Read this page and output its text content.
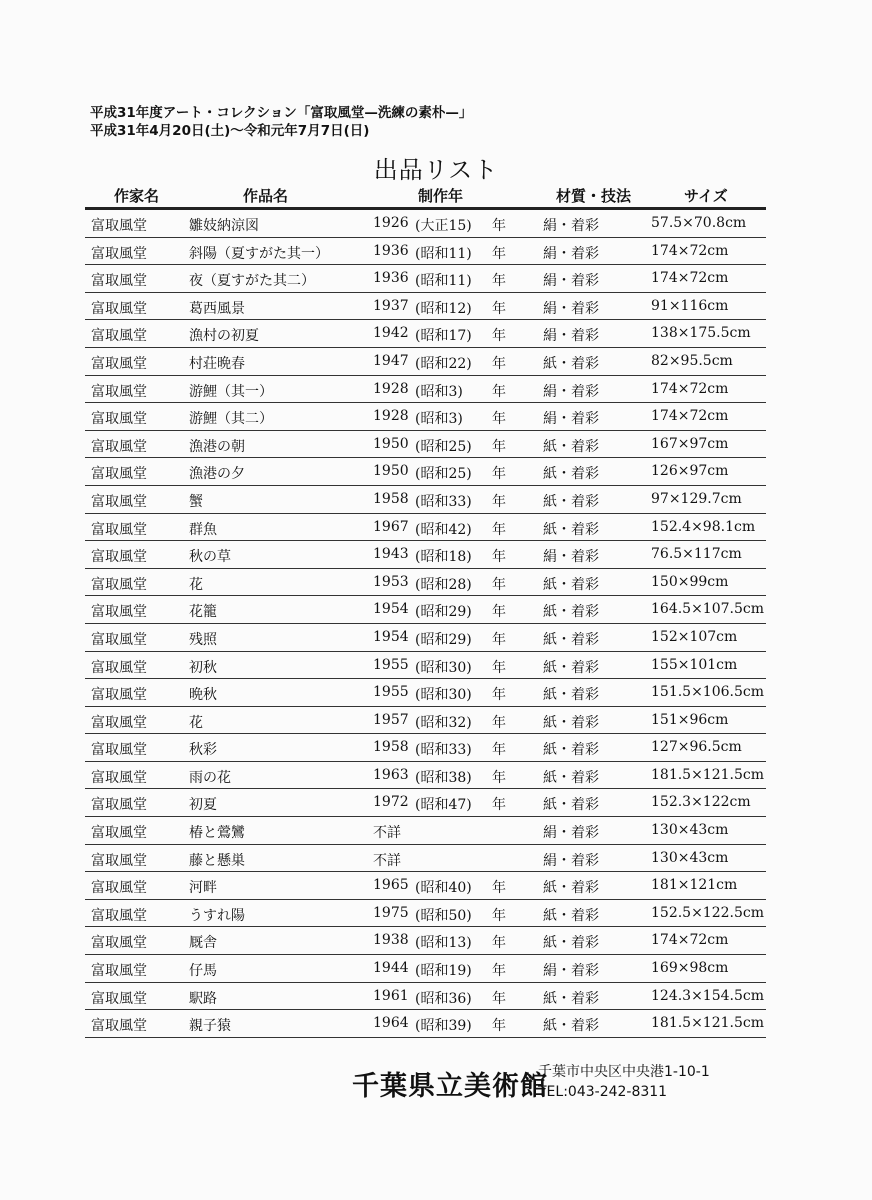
平成31年度アート・コレクション「富取風堂—洗練の素朴—」
平成31年4月20日(土)〜令和元年7月7日(日)
出品リスト
作家名	作品名	制作年	材質・技法	サイズ
富取風堂	雛妓納涼図	1926 (大正15) 年	絹・着彩	57.5×70.8cm
富取風堂	斜陽（夏すがた其一）	1936 (昭和11) 年	絹・着彩	174×72cm
富取風堂	夜（夏すがた其二）	1936 (昭和11) 年	絹・着彩	174×72cm
富取風堂	葛西風景	1937 (昭和12) 年	絹・着彩	91×116cm
富取風堂	漁村の初夏	1942 (昭和17) 年	絹・着彩	138×175.5cm
富取風堂	村荘晩春	1947 (昭和22) 年	紙・着彩	82×95.5cm
富取風堂	游鯉（其一）	1928 (昭和3) 年	絹・着彩	174×72cm
富取風堂	游鯉（其二）	1928 (昭和3) 年	絹・着彩	174×72cm
富取風堂	漁港の朝	1950 (昭和25) 年	紙・着彩	167×97cm
富取風堂	漁港の夕	1950 (昭和25) 年	紙・着彩	126×97cm
富取風堂	蟹	1958 (昭和33) 年	紙・着彩	97×129.7cm
富取風堂	群魚	1967 (昭和42) 年	紙・着彩	152.4×98.1cm
富取風堂	秋の草	1943 (昭和18) 年	絹・着彩	76.5×117cm
富取風堂	花	1953 (昭和28) 年	紙・着彩	150×99cm
富取風堂	花籠	1954 (昭和29) 年	紙・着彩	164.5×107.5cm
富取風堂	残照	1954 (昭和29) 年	紙・着彩	152×107cm
富取風堂	初秋	1955 (昭和30) 年	紙・着彩	155×101cm
富取風堂	晩秋	1955 (昭和30) 年	紙・着彩	151.5×106.5cm
富取風堂	花	1957 (昭和32) 年	紙・着彩	151×96cm
富取風堂	秋彩	1958 (昭和33) 年	紙・着彩	127×96.5cm
富取風堂	雨の花	1963 (昭和38) 年	紙・着彩	181.5×121.5cm
富取風堂	初夏	1972 (昭和47) 年	紙・着彩	152.3×122cm
富取風堂	椿と鶯鸞	不詳	絹・着彩	130×43cm
富取風堂	藤と懸巣	不詳	絹・着彩	130×43cm
富取風堂	河畔	1965 (昭和40) 年	紙・着彩	181×121cm
富取風堂	うすれ陽	1975 (昭和50) 年	紙・着彩	152.5×122.5cm
富取風堂	厩舎	1938 (昭和13) 年	紙・着彩	174×72cm
富取風堂	仔馬	1944 (昭和19) 年	絹・着彩	169×98cm
富取風堂	駅路	1961 (昭和36) 年	紙・着彩	124.3×154.5cm
富取風堂	親子猿	1964 (昭和39) 年	紙・着彩	181.5×121.5cm
千葉県立美術館
千葉市中央区中央港1-10-1
TEL:043-242-8311
